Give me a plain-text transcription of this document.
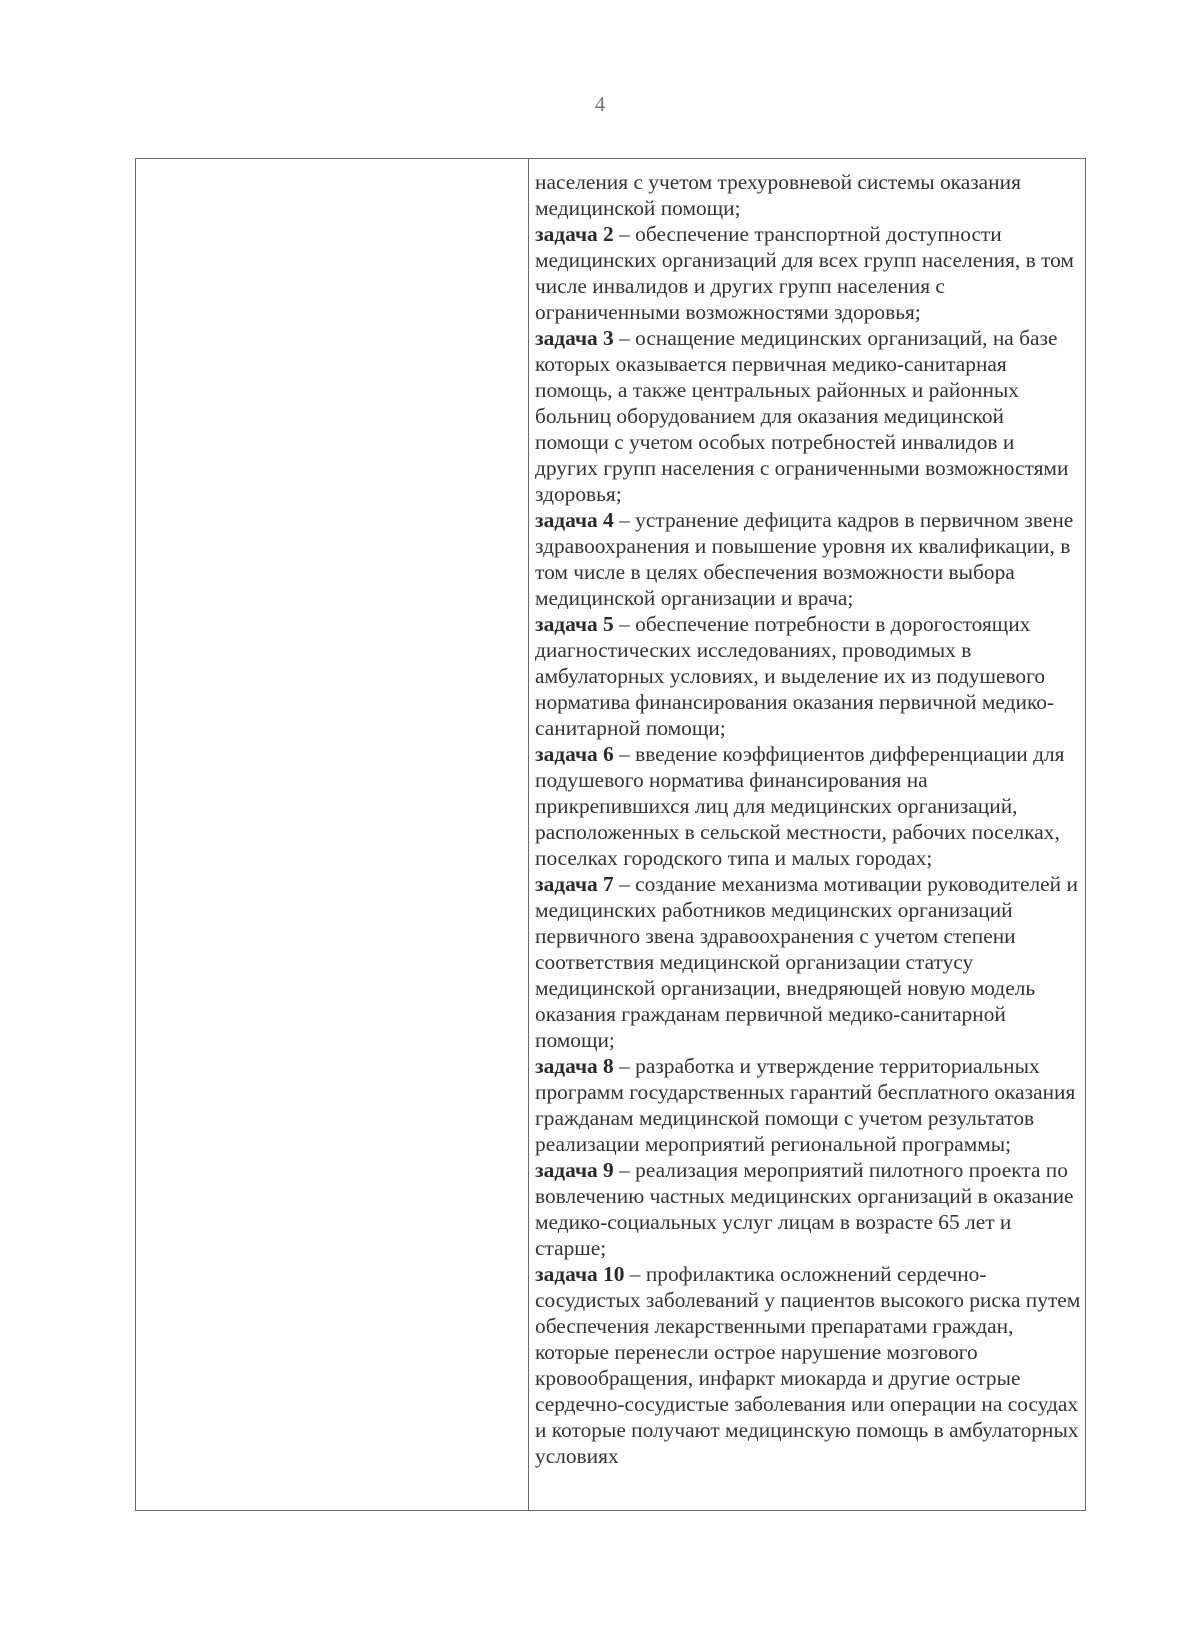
4

населения с учетом трехуровневой системы оказания медицинской помощи;

задача 2 – обеспечение транспортной доступности медицинских организаций для всех групп населения, в том числе инвалидов и других групп населения с ограниченными возможностями здоровья;

задача 3 – оснащение медицинских организаций, на базе которых оказывается первичная медико-санитарная помощь, а также центральных районных и районных больниц оборудованием для оказания медицинской помощи с учетом особых потребностей инвалидов и других групп населения с ограниченными возможностями здоровья;

задача 4 – устранение дефицита кадров в первичном звене здравоохранения и повышение уровня их квалификации, в том числе в целях обеспечения возможности выбора медицинской организации и врача;

задача 5 – обеспечение потребности в дорогостоящих диагностических исследованиях, проводимых в амбулаторных условиях, и выделение их из подушевого норматива финансирования оказания первичной медико-санитарной помощи;

задача 6 – введение коэффициентов дифференциации для подушевого норматива финансирования на прикрепившихся лиц для медицинских организаций, расположенных в сельской местности, рабочих поселках, поселках городского типа и малых городах;

задача 7 – создание механизма мотивации руководителей и медицинских работников медицинских организаций первичного звена здравоохранения с учетом степени соответствия медицинской организации статусу медицинской организации, внедряющей новую модель оказания гражданам первичной медико-санитарной помощи;

задача 8 – разработка и утверждение территориальных программ государственных гарантий бесплатного оказания гражданам медицинской помощи с учетом результатов реализации мероприятий региональной программы;

задача 9 – реализация мероприятий пилотного проекта по вовлечению частных медицинских организаций в оказание медико-социальных услуг лицам в возрасте 65 лет и старше;

задача 10 – профилактика осложнений сердечно-сосудистых заболеваний у пациентов высокого риска путем обеспечения лекарственными препаратами граждан, которые перенесли острое нарушение мозгового кровообращения, инфаркт миокарда и другие острые сердечно-сосудистые заболевания или операции на сосудах и которые получают медицинскую помощь в амбулаторных условиях
